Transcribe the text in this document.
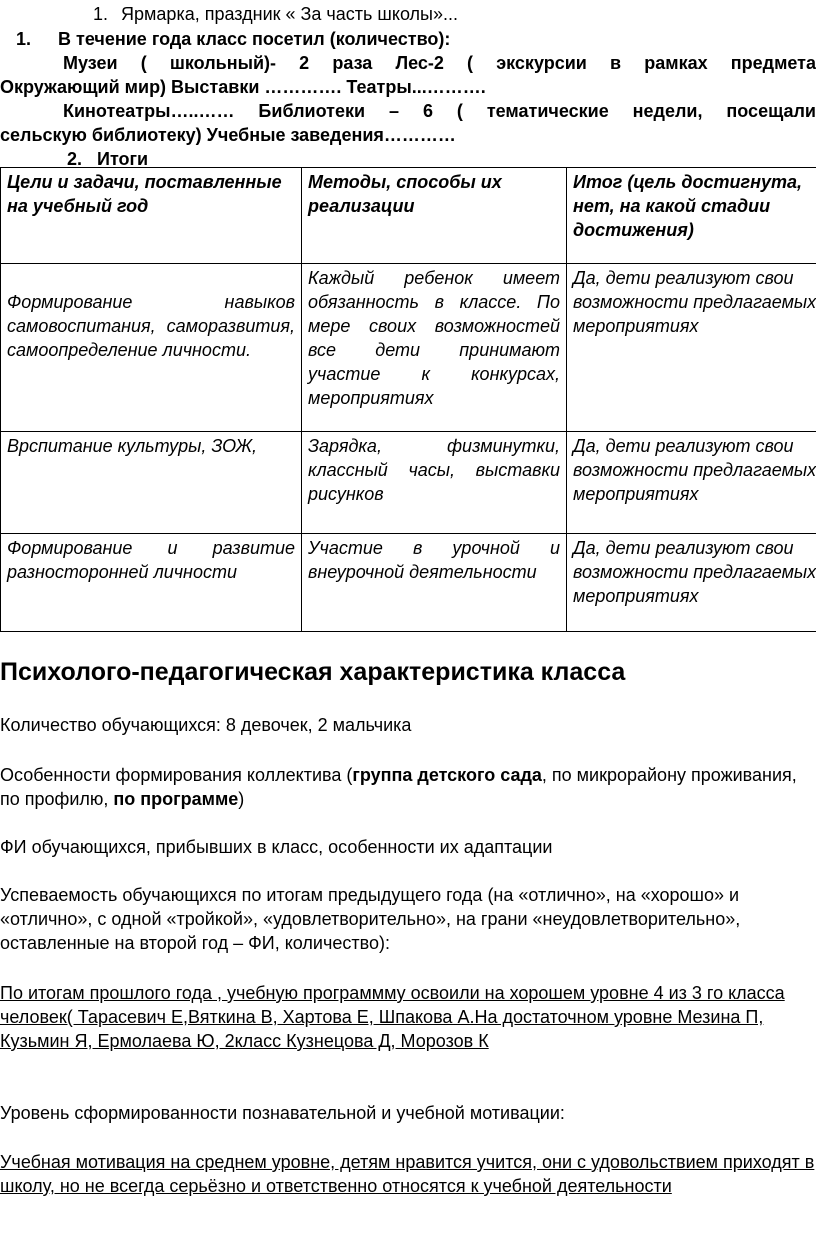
1. Ярмарка, праздник « За часть школы»...
1. В течение года класс посетил (количество):
Музеи ( школьный)- 2 раза Лес-2 ( экскурсии в рамках предмета
Окружающий мир) Выставки …………. Театры...……….
Кинотеатры…..…… Библиотеки – 6 ( тематические недели, посещали
сельскую библиотеку) Учебные заведения…………
2. Итоги
Цели и задачи, поставленные на учебный год	Методы, способы их реализации	Итог (цель достигнута, нет, на какой стадии достижения)
Формирование навыков самовоспитания, саморазвития, самоопределение личности.	Каждый ребенок имеет обязанность в классе. По мере своих возможностей все дети принимают участие к конкурсах, мероприятиях	Да, дети реализуют свои возможности предлагаемых мероприятиях
Врспитание культуры, ЗОЖ,	Зарядка, физминутки, классный часы, выставки рисунков	Да, дети реализуют свои возможности предлагаемых мероприятиях
Формирование и развитие разносторонней личности	Участие в урочной и внеурочной деятельности	Да, дети реализуют свои возможности предлагаемых мероприятиях
Психолого-педагогическая характеристика класса
Количество обучающихся: 8 девочек, 2 мальчика
Особенности формирования коллектива (группа детского сада, по микрорайону проживания, по профилю, по программе)
ФИ обучающихся, прибывших в класс, особенности их адаптации
Успеваемость обучающихся по итогам предыдущего года (на «отлично», на «хорошо» и «отлично», с одной «тройкой», «удовлетворительно», на грани «неудовлетворительно», оставленные на второй год – ФИ, количество):
По итогам прошлого года , учебную программму освоили на хорошем уровне 4 из 3 го класса человек( Тарасевич Е,Вяткина В, Хартова Е, Шпакова А.На достаточном уровне Мезина П, Кузьмин Я, Ермолаева Ю, 2класс Кузнецова Д, Морозов К
Уровень сформированности познавательной и учебной мотивации:
Учебная мотивация на среднем уровне, детям нравится учится, они с удовольствием приходят в школу, но не всегда серьёзно и ответственно относятся к учебной деятельности
